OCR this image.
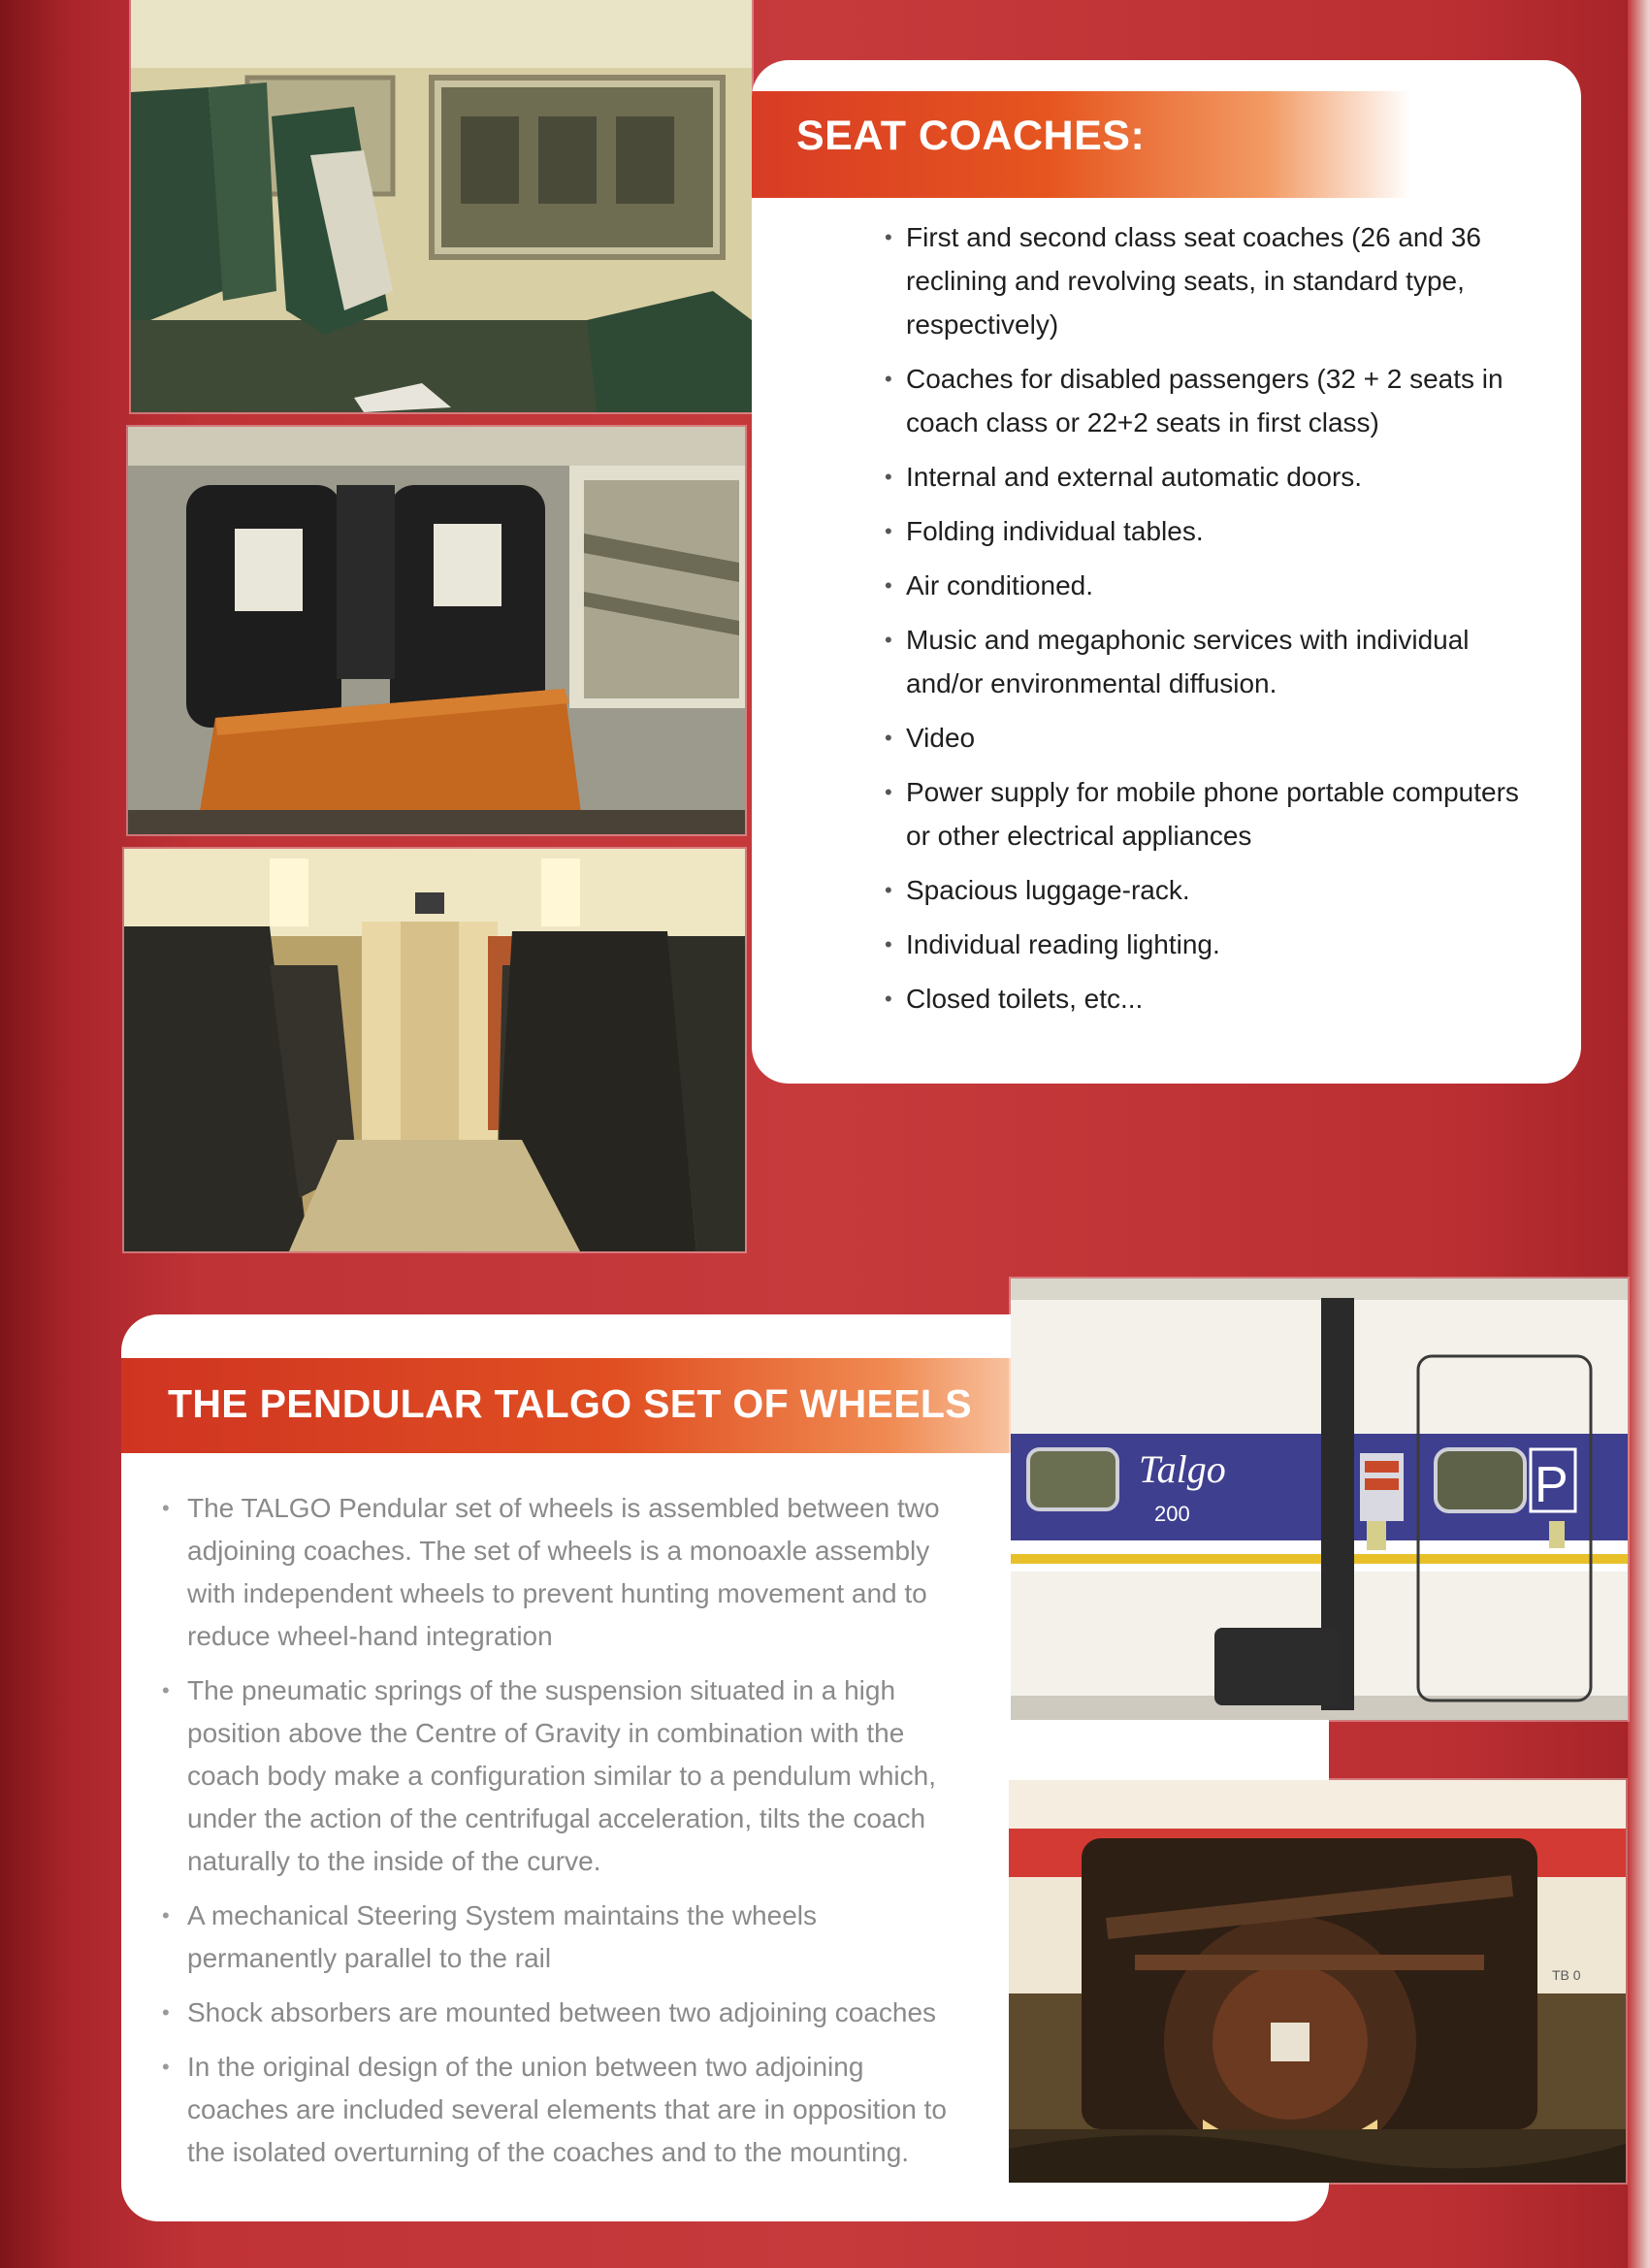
SEAT COACHES:
• First and second class seat coaches (26 and 36 reclining and revolving seats, in standard type, respectively)
• Coaches for disabled passengers (32 + 2 seats in coach class or 22+2 seats in first class)
• Internal and external automatic doors.
• Folding individual tables.
• Air conditioned.
• Music and megaphonic services with individual and/or environmental diffusion.
• Video
• Power supply for mobile phone portable computers or other electrical appliances
• Spacious luggage-rack.
• Individual reading lighting.
• Closed toilets, etc...
THE PENDULAR TALGO SET OF WHEELS
• The TALGO Pendular set of wheels is assembled between two adjoining coaches. The set of wheels is a monoaxle assembly with independent wheels to prevent hunting movement and to reduce wheel-hand integration
• The pneumatic springs of the suspension situated in a high position above the Centre of Gravity in combination with the coach body make a configuration similar to a pendulum which, under the action of the centrifugal acceleration, tilts the coach naturally to the inside of the curve.
• A mechanical Steering System maintains the wheels permanently parallel to the rail
• Shock absorbers are mounted between two adjoining coaches
• In the original design of the union between two adjoining coaches are included several elements that are in opposition to the isolated overturning of the coaches and to the mounting.
Talgo
200
P
TB 0
